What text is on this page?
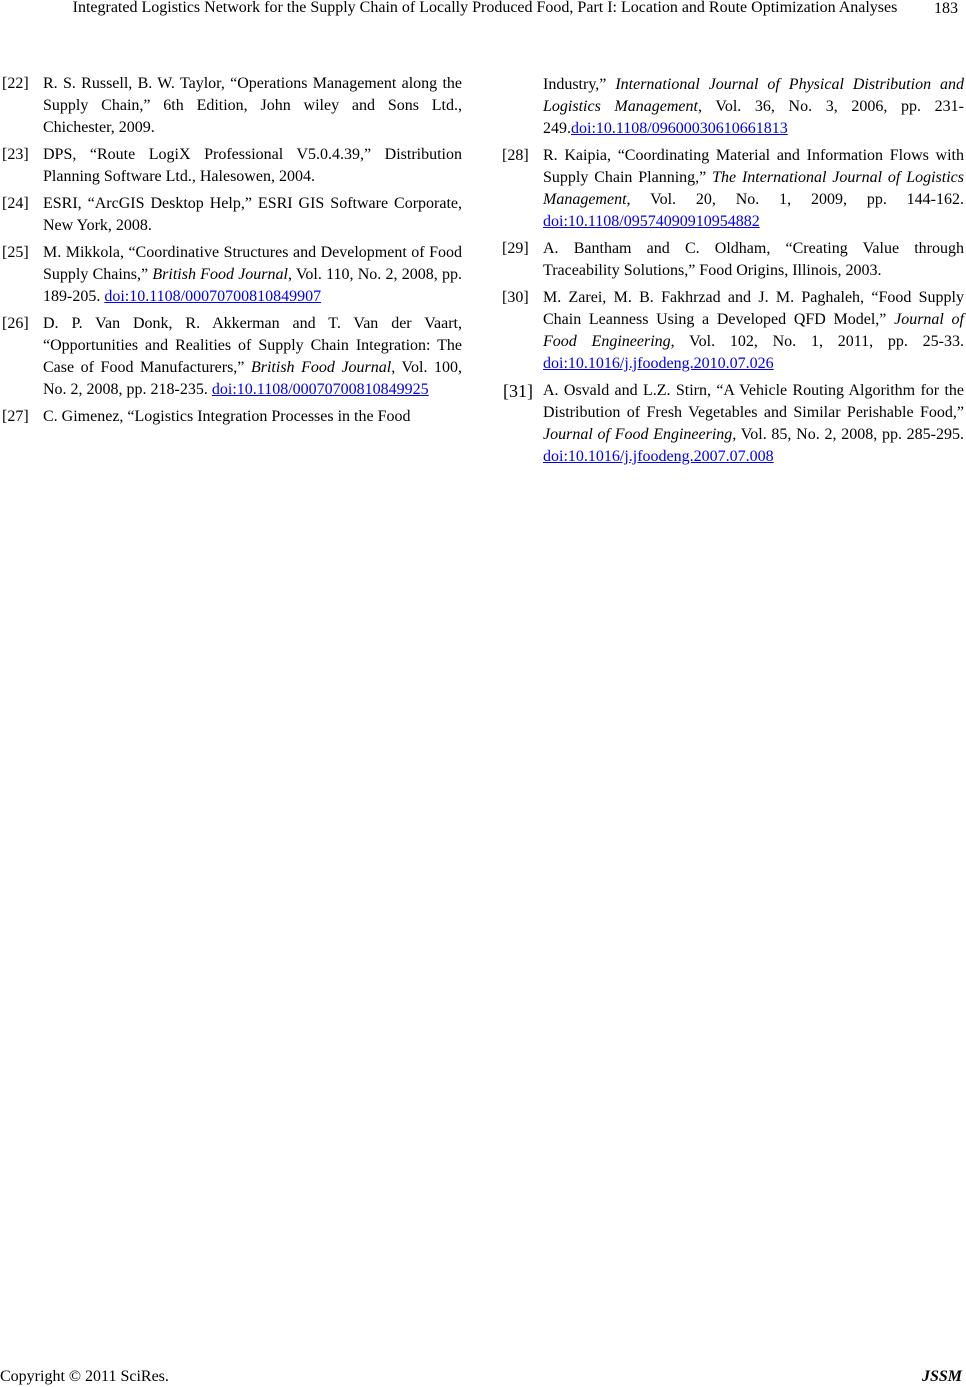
Integrated Logistics Network for the Supply Chain of Locally Produced Food, Part I: Location and Route Optimization Analyses	183
[22] R. S. Russell, B. W. Taylor, “Operations Management along the Supply Chain,” 6th Edition, John wiley and Sons Ltd., Chichester, 2009.
[23] DPS, “Route LogiX Professional V5.0.4.39,” Distribution Planning Software Ltd., Halesowen, 2004.
[24] ESRI, “ArcGIS Desktop Help,” ESRI GIS Software Corporate, New York, 2008.
[25] M. Mikkola, “Coordinative Structures and Development of Food Supply Chains,” British Food Journal, Vol. 110, No. 2, 2008, pp. 189-205. doi:10.1108/00070700810849907
[26] D. P. Van Donk, R. Akkerman and T. Van der Vaart, “Opportunities and Realities of Supply Chain Integration: The Case of Food Manufacturers,” British Food Journal, Vol. 100, No. 2, 2008, pp. 218-235. doi:10.1108/00070700810849925
[27] C. Gimenez, “Logistics Integration Processes in the Food
Industry,” International Journal of Physical Distribution and Logistics Management, Vol. 36, No. 3, 2006, pp. 231-249.doi:10.1108/09600030610661813
[28] R. Kaipia, “Coordinating Material and Information Flows with Supply Chain Planning,” The International Journal of Logistics Management, Vol. 20, No. 1, 2009, pp. 144-162. doi:10.1108/09574090910954882
[29] A. Bantham and C. Oldham, “Creating Value through Traceability Solutions,” Food Origins, Illinois, 2003.
[30] M. Zarei, M. B. Fakhrzad and J. M. Paghaleh, “Food Supply Chain Leanness Using a Developed QFD Model,” Journal of Food Engineering, Vol. 102, No. 1, 2011, pp. 25-33. doi:10.1016/j.jfoodeng.2010.07.026
[31] A. Osvald and L.Z. Stirn, “A Vehicle Routing Algorithm for the Distribution of Fresh Vegetables and Similar Perishable Food,” Journal of Food Engineering, Vol. 85, No. 2, 2008, pp. 285-295. doi:10.1016/j.jfoodeng.2007.07.008
Copyright © 2011 SciRes.	JSSM
